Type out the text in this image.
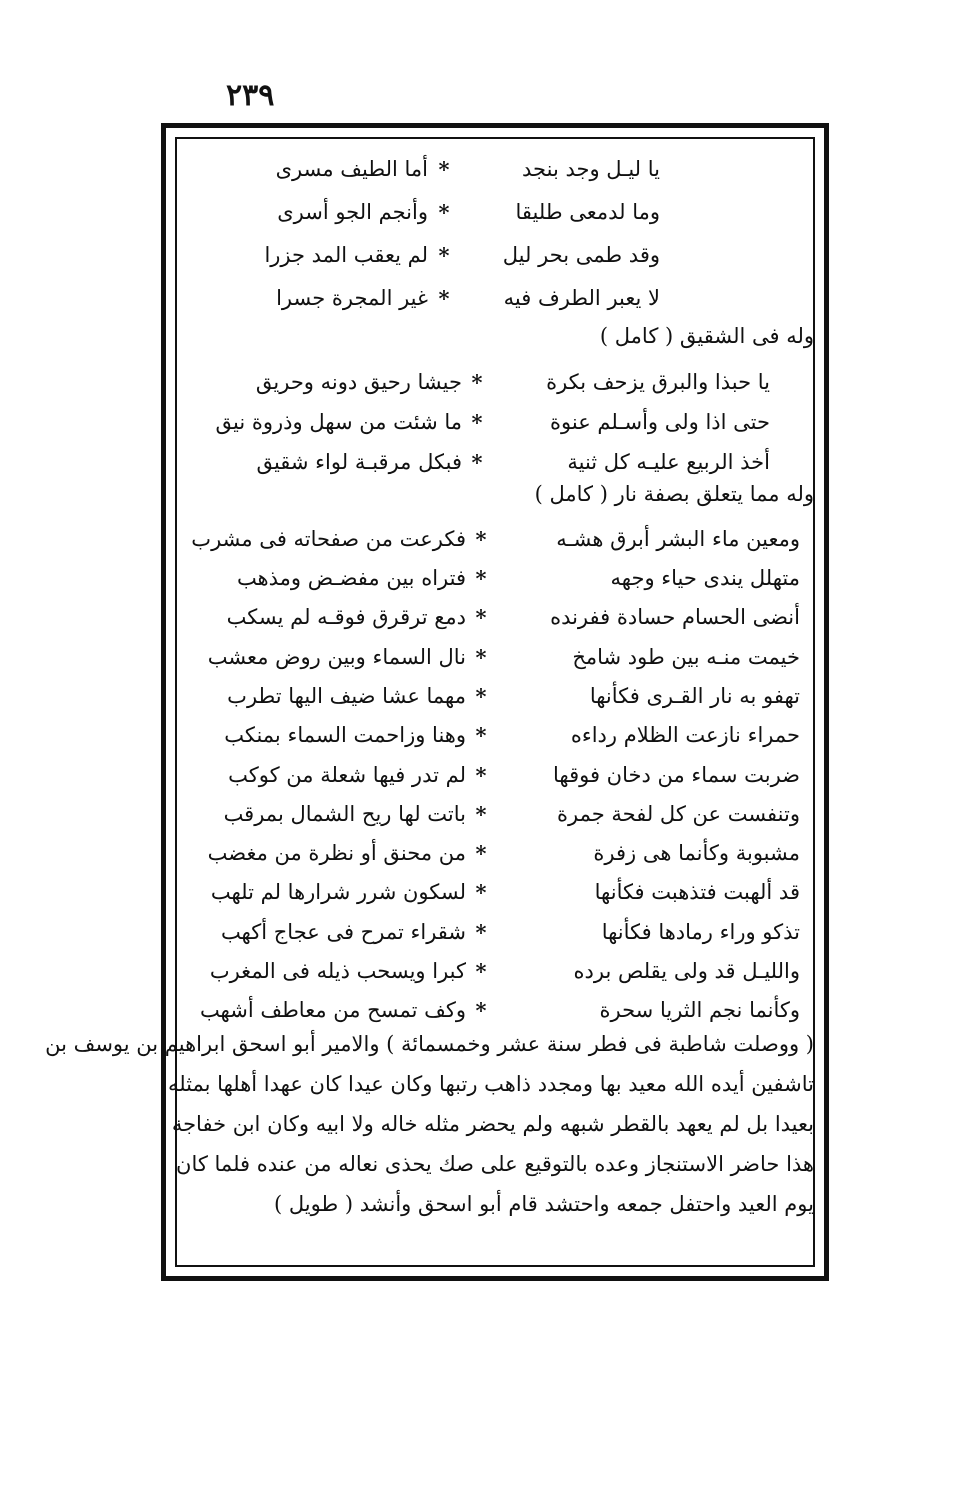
٢٣٩
يا ليـل وجد بنجد
*
أما الطيف مسرى
وما لدمعى طليقا
*
وأنجم الجو أسرى
وقد طمى بحر ليل
*
لم يعقب المد جزرا
لا يعبر الطرف فيه
*
غير المجرة جسرا
وله فى الشقيق ( كامل )
يا حبذا والبرق يزحف بكرة
*
جيشا رحيق دونه وحريق
حتى اذا ولى وأسـلم عنوة
*
ما شئت من سهل وذروة نيق
أخذ الربيع عليـه كل ثنية
*
فبكل مرقبـة لواء شقيق
وله مما يتعلق بصفة نار ( كامل )
ومعين ماء البشر أبرق هشـه
*
فكرعت من صفحاته فى مشرب
متهلل يندى حياء وجهه
*
فتراه بين مفضـض ومذهب
أنضى الحسام حسادة ففرنده
*
دمع ترقرق فوقـه لم يسكب
خيمت منـه بين طود شامخ
*
نال السماء وبين روض معشب
تهفو به نار القـرى فكأنها
*
مهما عشا ضيف اليها تطرب
حمراء نازعت الظلام رداءه
*
وهنا وزاحمت السماء بمنكب
ضربت سماء من دخان فوقها
*
لم تدر فيها شعلة من كوكب
وتنفست عن كل لفحة جمرة
*
باتت لها ريح الشمال بمرقب
مشبوبة وكأنما هى زفرة
*
من محنق أو نظرة من مغضب
قد ألهبت فتذهبت فكأنها
*
لسكون شرر شرارها لم تلهب
تذكو وراء رمادها فكأنها
*
شقراء تمرح فى عجاج أكهب
والليـل قد ولى يقلص برده
*
كبرا ويسحب ذيله فى المغرب
وكأنما نجم الثريا سحرة
*
وكف تمسح من معاطف أشهب
( ووصلت شاطبة فى فطر سنة عشر وخمسمائة ) والامير أبو اسحق ابراهيم بن يوسف بن
تاشفين أيده الله معيد بها ومجدد ذاهب رتبها وكان عيدا كان عهدا أهلها بمثله
بعيدا بل لم يعهد بالقطر شبهه ولم يحضر مثله خاله ولا ابيه وكان ابن خفاجة
هذا حاضر الاستنجاز وعده بالتوقيع على صك يحذى نعاله من عنده فلما كان
يوم العيد واحتفل جمعه واحتشد قام أبو اسحق وأنشد ( طويل )
